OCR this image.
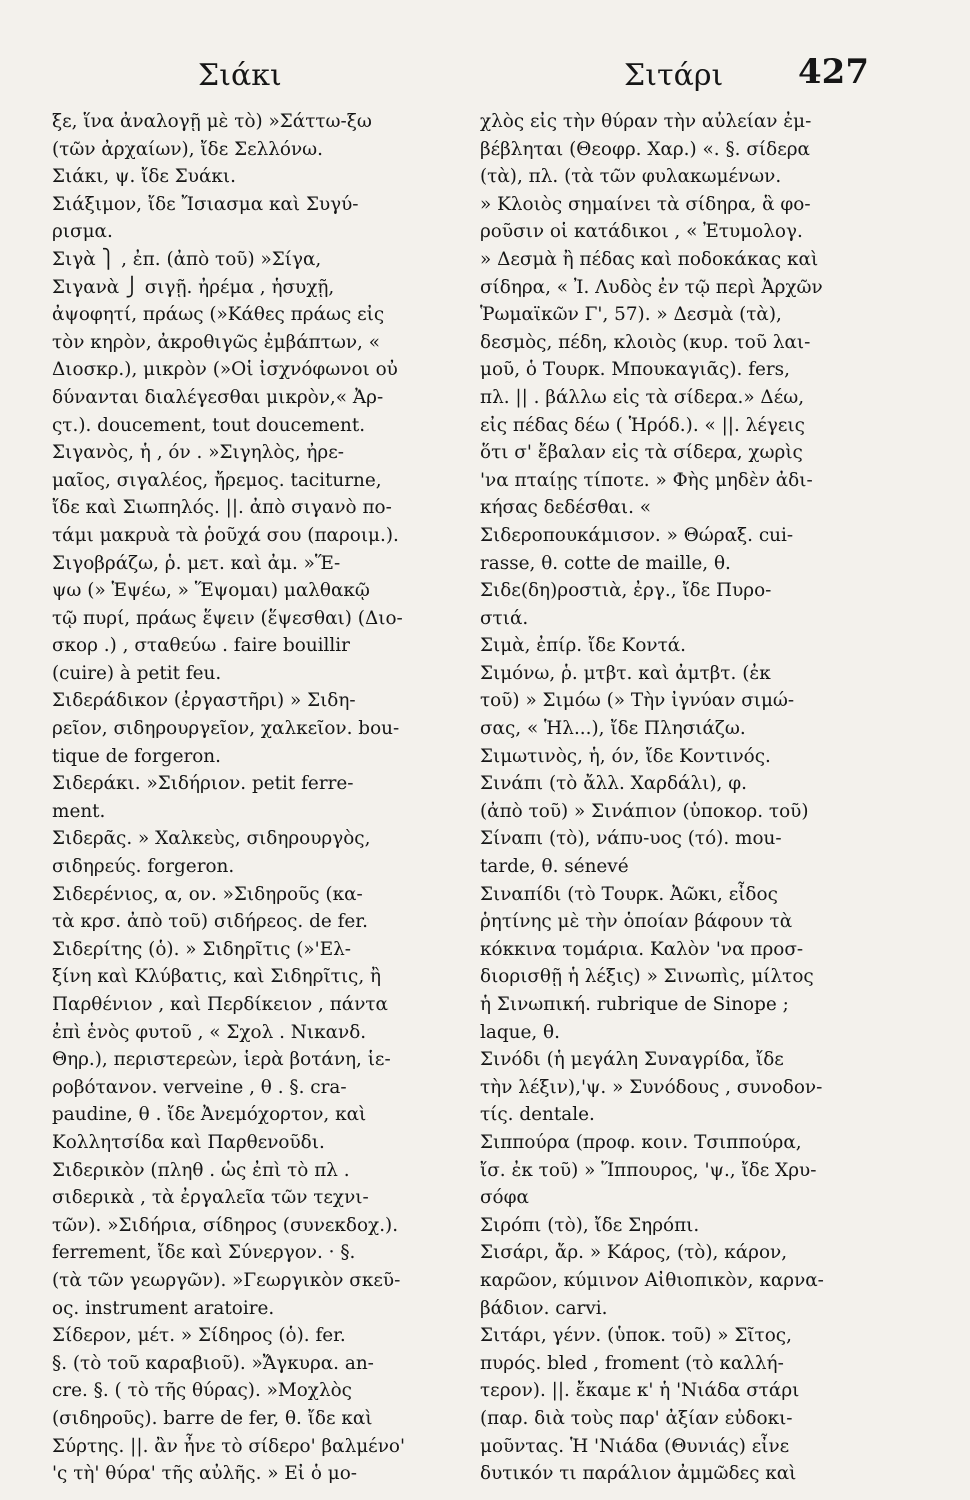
Σιάκι	Σιτάρι 427
ξε, ἵνα ἀναλογῇ μὲ τὸ) »Σάττω-ξω
(τῶν ἀρχαίων), ἴδε Σελλόνω.
Σιάκι, ψ. ἴδε Συάκι.
Σιάξιμον, ἴδε Ἴσιασμα καὶ Συγύ-
ρισμα.
Σιγὰ ⎫ , ἐπ. (ἀπὸ τοῦ) »Σίγα,
Σιγανὰ ⎭ σιγῇ. ἠρέμα , ἡσυχῇ,
ἀψοφητί, πράως (»Κάθες πράως εἰς
τὸν κηρὸν, ἀκροθιγῶς ἐμβάπτων, «
Διοσκρ.), μικρὸν (»Οἱ ἰσχνόφωνοι οὐ
δύνανται διαλέγεσθαι μικρὸν,« Ἀρ-
ςτ.). doucement, tout doucement.
Σιγανὸς, ἡ , όν . »Σιγηλὸς, ἠρε-
μαῖος, σιγαλέος, ἤρεμος. taciturne,
ἴδε καὶ Σιωπηλός. ||. ἀπὸ σιγανὸ πο-
τάμι μακρυὰ τὰ ῥοῦχά σου (παροιμ.).
Σιγοβράζω, ῥ. μετ. καὶ ἀμ. »Ἕ-
ψω (» Ἑψέω, » Ἕψομαι) μαλθακῷ
τῷ πυρί, πράως ἕψειν (ἕψεσθαι) (Διο-
σκορ .) , σταθεύω . faire bouillir
(cuire) à petit feu.
Σιδεράδικον (ἐργαστῆρι) » Σιδη-
ρεῖον, σιδηρουργεῖον, χαλκεῖον. bou-
tique de forgeron.
Σιδεράκι. »Σιδήριον. petit ferre-
ment.
Σιδερᾶς. » Χαλκεὺς, σιδηρουργὸς,
σιδηρεύς. forgeron.
Σιδερένιος, α, ον. »Σιδηροῦς (κα-
τὰ κρσ. ἀπὸ τοῦ) σιδήρεος. de fer.
Σιδερίτης (ὁ). » Σιδηρῖτις (»'Ελ-
ξίνη καὶ Κλύβατις, καὶ Σιδηρῖτις, ἢ
Παρθένιον , καὶ Περδίκειον , πάντα
ἐπὶ ἑνὸς φυτοῦ , « Σχολ . Νικανδ.
Θηρ.), περιστερεὼν, ἱερὰ βοτάνη, ἱε-
ροβότανον. verveine , θ . §. cra-
paudine, θ . ἴδε Ἀνεμόχορτον, καὶ
Κολλητσίδα καὶ Παρθενοῦδι.
Σιδερικὸν (πληθ . ὡς ἐπὶ τὸ πλ .
σιδερικὰ , τὰ ἐργαλεῖα τῶν τεχνι-
τῶν). »Σιδήρια, σίδηρος (συνεκδοχ.).
ferrement, ἴδε καὶ Σύνεργον. · §.
(τὰ τῶν γεωργῶν). »Γεωργικὸν σκεῦ-
ος. instrument aratoire.
Σίδερον, μέτ. » Σίδηρος (ὁ). fer.
§. (τὸ τοῦ καραβιοῦ). »Ἄγκυρα. an-
cre. §. ( τὸ τῆς θύρας). »Μοχλὸς
(σιδηροῦς). barre de fer, θ. ἴδε καὶ
Σύρτης. ||. ἂν ἦνε τὸ σίδερο' βαλμένο'
'ς τὴ' θύρα' τῆς αὐλῆς. » Εἰ ὁ μο-
χλὸς εἰς τὴν θύραν τὴν αὐλείαν ἐμ-
βέβληται (Θεοφρ. Χαρ.) «. §. σίδερα
(τὰ), πλ. (τὰ τῶν φυλακωμένων.
» Κλοιὸς σημαίνει τὰ σίδηρα, ἃ φο-
ροῦσιν οἱ κατάδικοι , « Ἐτυμολογ.
» Δεσμὰ ἢ πέδας καὶ ποδοκάκας καὶ
σίδηρα, « Ἰ. Λυδὸς ἐν τῷ περὶ Ἀρχῶν
Ῥωμαϊκῶν Γ', 57). » Δεσμὰ (τὰ),
δεσμὸς, πέδη, κλοιὸς (κυρ. τοῦ λαι-
μοῦ, ὁ Τουρκ. Μπουκαγιᾶς). fers,
πλ. || . βάλλω εἰς τὰ σίδερα.» Δέω,
εἰς πέδας δέω ( Ἡρόδ.). « ||. λέγεις
ὅτι σ' ἔβαλαν εἰς τὰ σίδερα, χωρὶς
'να πταίῃς τίποτε. » Φὴς μηδὲν ἀδι-
κήσας δεδέσθαι. «
Σιδεροπουκάμισον. » Θώραξ. cui-
rasse, θ. cotte de maille, θ.
Σιδε(δη)ροστιὰ, ἐργ., ἴδε Πυρο-
στιά.
Σιμὰ, ἐπίρ. ἴδε Κοντά.
Σιμόνω, ῥ. μτβτ. καὶ ἀμτβτ. (ἐκ
τοῦ) » Σιμόω (» Τὴν ἰγνύαν σιμώ-
σας, « Ἡλ...), ἴδε Πλησιάζω.
Σιμωτινὸς, ἡ, όν, ἴδε Κοντινός.
Σινάπι (τὸ ἄλλ. Χαρδάλι), φ.
(ἀπὸ τοῦ) » Σινάπιον (ὑποκορ. τοῦ)
Σίναπι (τὸ), νάπυ-υος (τό). mou-
tarde, θ. sénevé
Σιναπίδι (τὸ Τουρκ. Ἀῶκι, εἶδος
ῥητίνης μὲ τὴν ὁποίαν βάφουν τὰ
κόκκινα τομάρια. Καλὸν 'να προσ-
διορισθῇ ἡ λέξις) » Σινωπὶς, μίλτος
ἡ Σινωπική. rubrique de Sinope ;
laque, θ.
Σινόδι (ἡ μεγάλη Συναγρίδα, ἴδε
τὴν λέξιν),'ψ. » Συνόδους , συνοδον-
τίς. dentale.
Σιππούρα (προφ. κοιν. Τσιππούρα,
ἴσ. ἐκ τοῦ) » Ἵππουρος, 'ψ., ἴδε Χρυ-
σόφα
Σιρόπι (τὸ), ἴδε Σηρόπι.
Σισάρι, ἄρ. » Κάρος, (τὸ), κάρον,
καρῶον, κύμινον Αἰθιοπικὸν, καρνα-
βάδιον. carvi.
Σιτάρι, γένν. (ὑποκ. τοῦ) » Σῖτος,
πυρός. bled , froment (τὸ καλλή-
τερον). ||. ἔκαμε κ' ἡ 'Νιάδα στάρι
(παρ. διὰ τοὺς παρ' ἀξίαν εὐδοκι-
μοῦντας. Ἡ 'Νιάδα (Θυνιάς) εἶνε
δυτικόν τι παράλιον ἀμμῶδες καὶ
